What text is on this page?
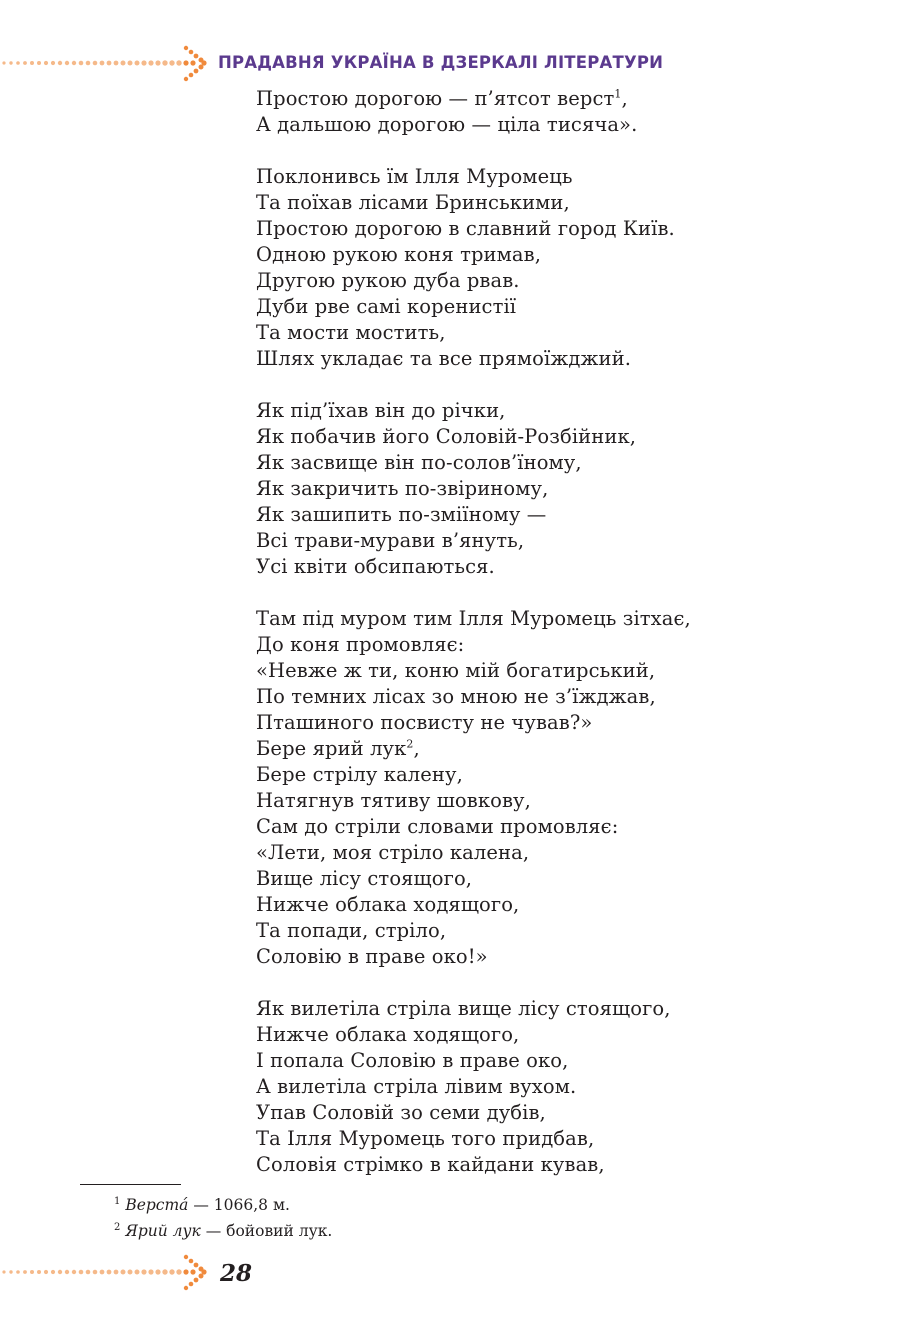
ПРАДАВНЯ УКРАЇНА В ДЗЕРКАЛІ ЛІТЕРАТУРИ
Простою дорогою — п’ятсот верст$^1$,
А дальшою дорогою — ціла тисяча».
Поклонивсь їм Ілля Муромець
Та поїхав лісами Бринськими,
Простою дорогою в славний город Київ.
Одною рукою коня тримав,
Другою рукою дуба рвав.
Дуби рве самі коренистії
Та мости мостить,
Шлях укладає та все прямоїжджий.
Як під’їхав він до річки,
Як побачив його Соловій-Розбійник,
Як засвище він по-солов’їному,
Як закричить по-звіриному,
Як зашипить по-зміїному —
Всі трави-мурави в’януть,
Усі квіти обсипаються.
Там під муром тим Ілля Муромець зітхає,
До коня промовляє:
«Невже ж ти, коню мій богатирський,
По темних лісах зо мною не з’їжджав,
Пташиного посвисту не чував?»
Бере ярий лук$^2$,
Бере стрілу калену,
Натягнув тятиву шовкову,
Сам до стріли словами промовляє:
«Лети, моя стріло калена,
Вище лісу стоящого,
Нижче облака ходящого,
Та попади, стріло,
Соловію в праве око!»
Як вилетіла стріла вище лісу стоящого,
Нижче облака ходящого,
І попала Соловію в праве око,
А вилетіла стріла лівим вухом.
Упав Соловій зо семи дубів,
Та Ілля Муромець того придбав,
Соловія стрімко в кайдани кував,
$^1$ Верстá — 1066,8 м.
$^2$ Ярий лук — бойовий лук.
28
